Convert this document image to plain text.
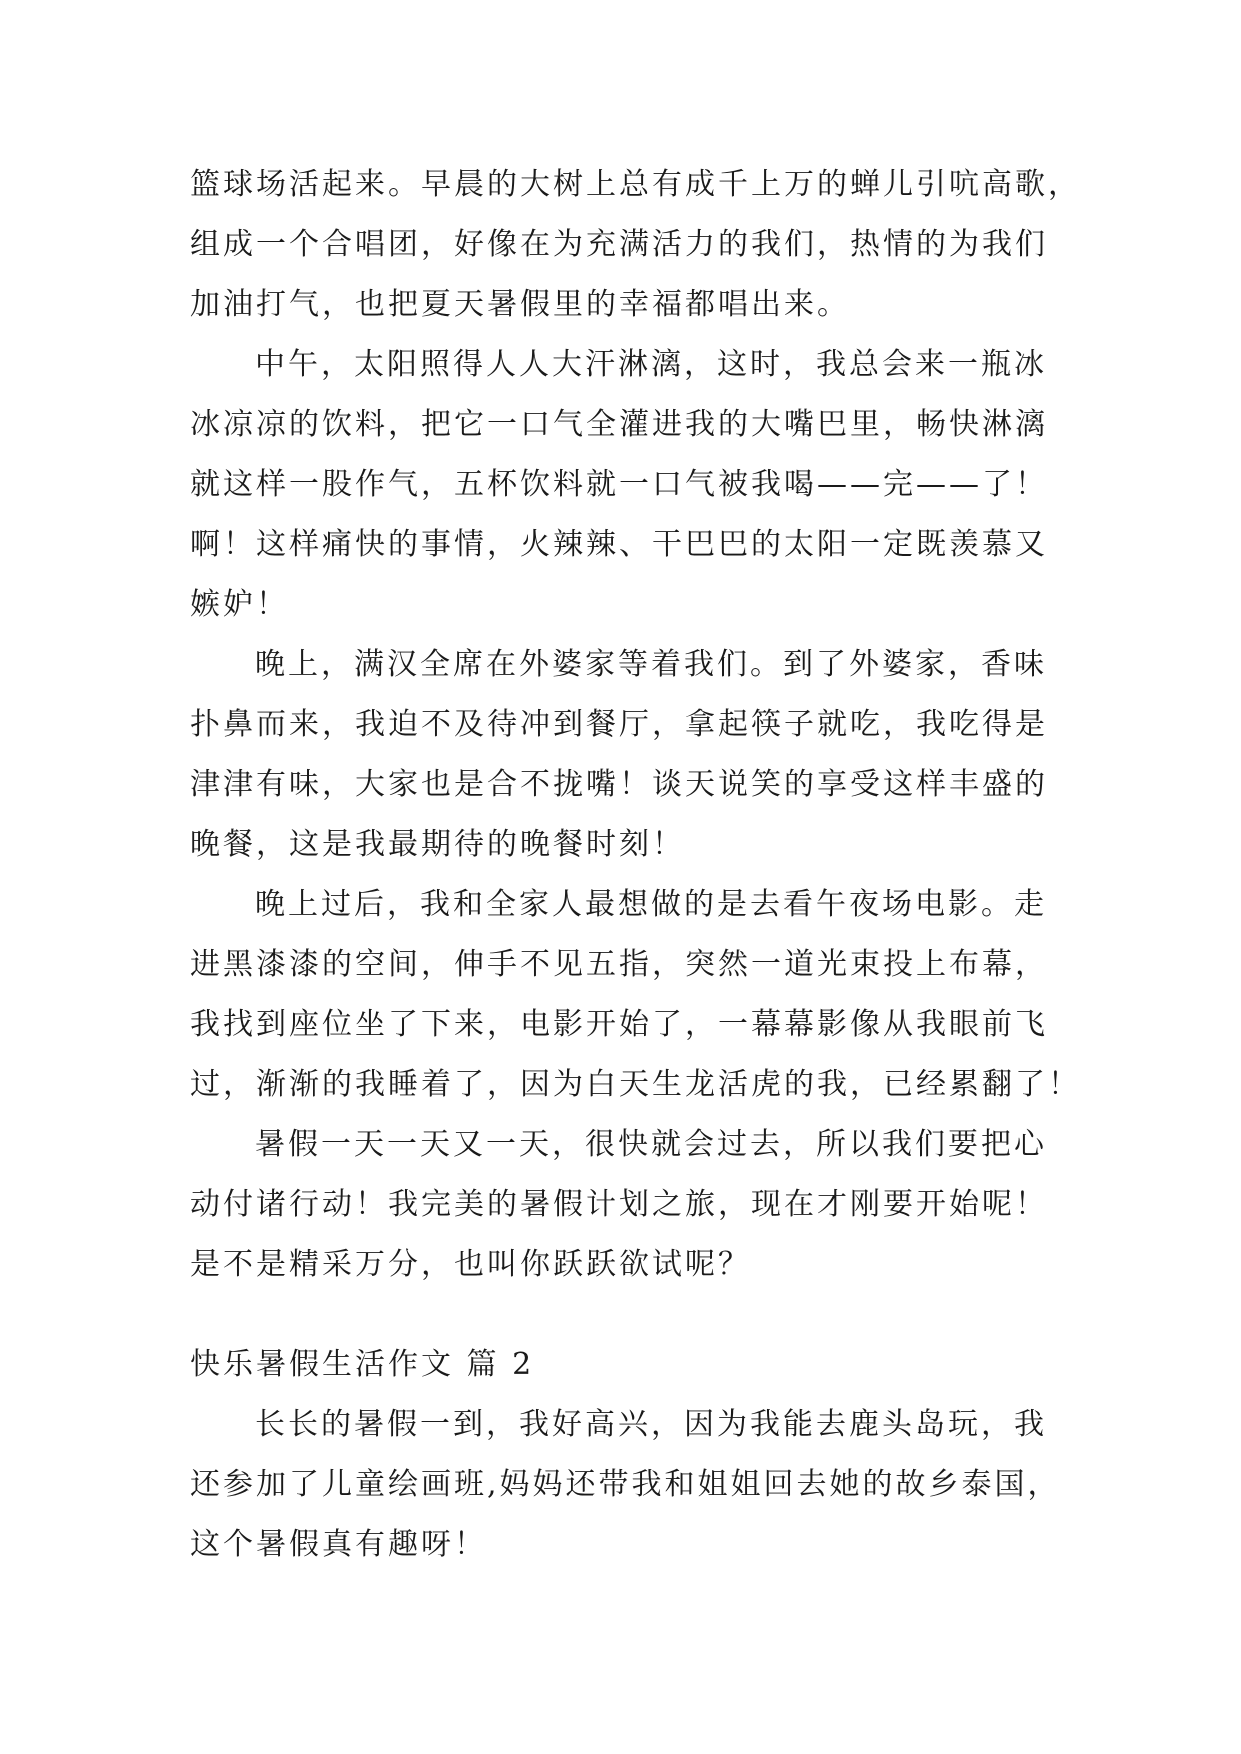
篮球场活起来。早晨的大树上总有成千上万的蝉儿引吭高歌，
组成一个合唱团，好像在为充满活力的我们，热情的为我们
加油打气，也把夏天暑假里的幸福都唱出来。
中午，太阳照得人人大汗淋漓，这时，我总会来一瓶冰
冰凉凉的饮料，把它一口气全灌进我的大嘴巴里，畅快淋漓
就这样一股作气，五杯饮料就一口气被我喝——完——了！
啊！这样痛快的事情，火辣辣、干巴巴的太阳一定既羡慕又
嫉妒！
晚上，满汉全席在外婆家等着我们。到了外婆家，香味
扑鼻而来，我迫不及待冲到餐厅，拿起筷子就吃，我吃得是
津津有味，大家也是合不拢嘴！谈天说笑的享受这样丰盛的
晚餐，这是我最期待的晚餐时刻！
晚上过后，我和全家人最想做的是去看午夜场电影。走
进黑漆漆的空间，伸手不见五指，突然一道光束投上布幕，
我找到座位坐了下来，电影开始了，一幕幕影像从我眼前飞
过，渐渐的我睡着了，因为白天生龙活虎的我，已经累翻了！
暑假一天一天又一天，很快就会过去，所以我们要把心
动付诸行动！我完美的暑假计划之旅，现在才刚要开始呢！
是不是精采万分，也叫你跃跃欲试呢？
快乐暑假生活作文 篇 2
长长的暑假一到，我好高兴，因为我能去鹿头岛玩，我
还参加了儿童绘画班,妈妈还带我和姐姐回去她的故乡泰国，
这个暑假真有趣呀！
